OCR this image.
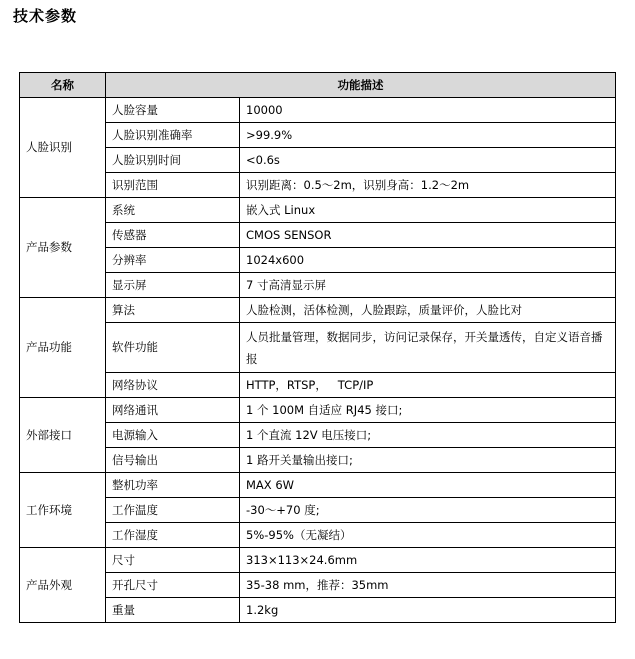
技术参数
名称	功能描述	
人脸识别	人脸容量	10000
	人脸识别准确率	>99.9%
	人脸识别时间	<0.6s
	识别范围	识别距离：0.5～2m，识别身高：1.2～2m
产品参数	系统	嵌入式 Linux
	传感器	CMOS SENSOR
	分辨率	1024x600
	显示屏	7 寸高清显示屏
产品功能	算法	人脸检测，活体检测，人脸跟踪，质量评价，人脸比对
	软件功能	人员批量管理，数据同步，访问记录保存，开关量透传，自定义语音播报
	网络协议	HTTP，RTSP，   TCP/IP
外部接口	网络通讯	1 个 100M 自适应 RJ45 接口;
	电源输入	1 个直流 12V 电压接口;
	信号输出	1 路开关量输出接口;
工作环境	整机功率	MAX 6W
	工作温度	-30～+70 度;
	工作湿度	5%-95%（无凝结）
产品外观	尺寸	313×113×24.6mm
	开孔尺寸	35-38 mm，推荐：35mm
	重量	1.2kg
